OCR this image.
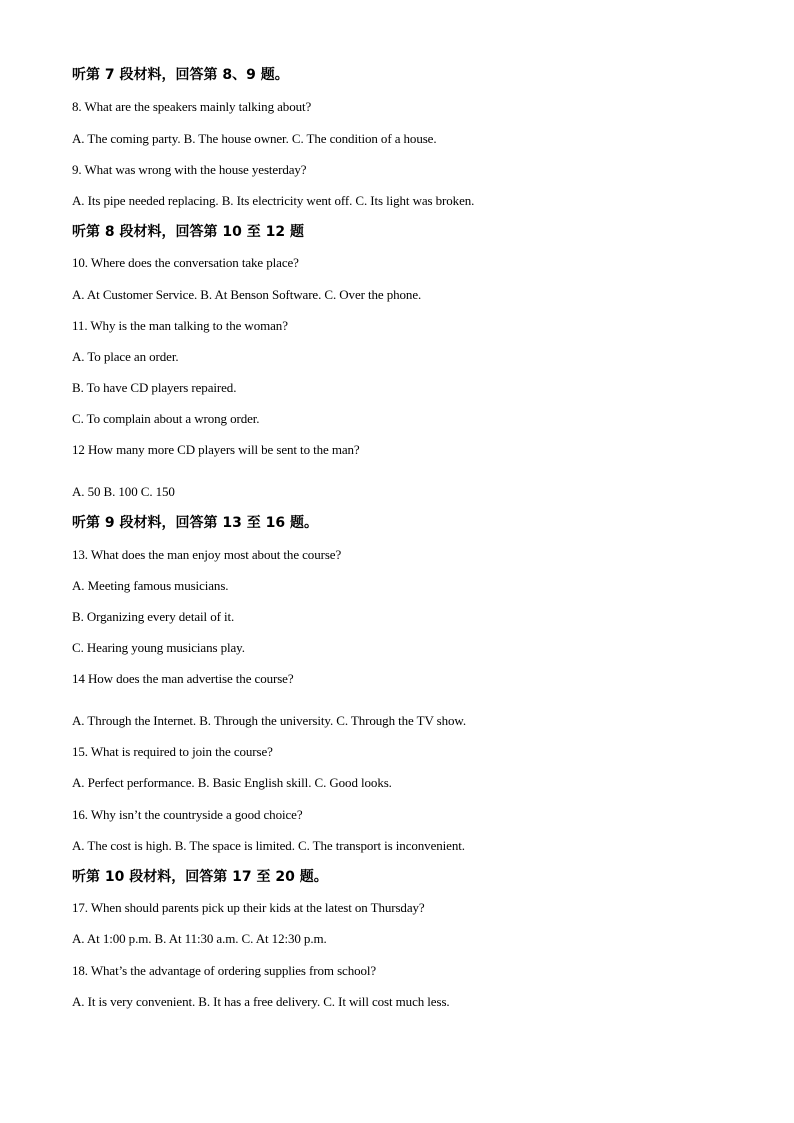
听第 7 段材料，回答第 8、9 题。
8. What are the speakers mainly talking about?
A. The coming party. B. The house owner. C. The condition of a house.
9. What was wrong with the house yesterday?
A. Its pipe needed replacing. B. Its electricity went off. C. Its light was broken.
听第 8 段材料，回答第 10 至 12 题
10. Where does the conversation take place?
A. At Customer Service. B. At Benson Software. C. Over the phone.
11. Why is the man talking to the woman?
A. To place an order.
B. To have CD players repaired.
C. To complain about a wrong order.
12 How many more CD players will be sent to the man?
A. 50 B. 100 C. 150
听第 9 段材料，回答第 13 至 16 题。
13. What does the man enjoy most about the course?
A. Meeting famous musicians.
B. Organizing every detail of it.
C. Hearing young musicians play.
14 How does the man advertise the course?
A. Through the Internet. B. Through the university. C. Through the TV show.
15. What is required to join the course?
A. Perfect performance. B. Basic English skill. C. Good looks.
16. Why isn’t the countryside a good choice?
A. The cost is high. B. The space is limited. C. The transport is inconvenient.
听第 10 段材料，回答第 17 至 20 题。
17. When should parents pick up their kids at the latest on Thursday?
A. At 1:00 p.m. B. At 11:30 a.m. C. At 12:30 p.m.
18. What’s the advantage of ordering supplies from school?
A. It is very convenient. B. It has a free delivery. C. It will cost much less.
